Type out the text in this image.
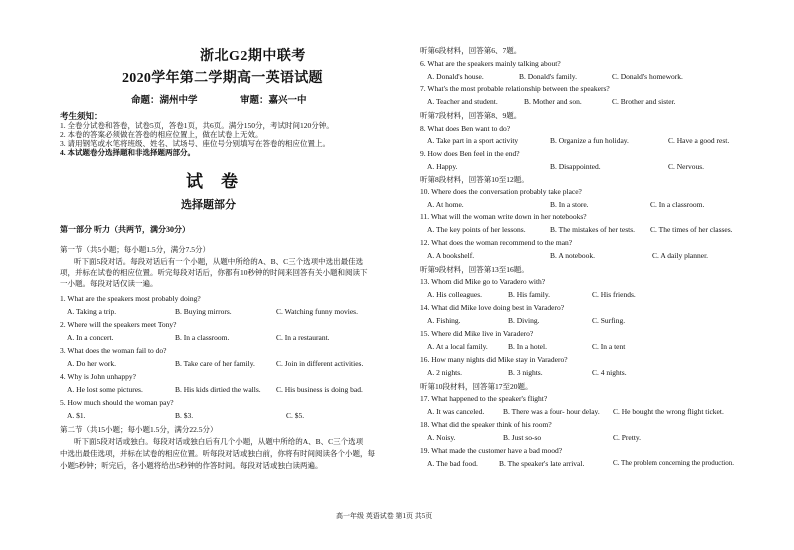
浙北G2期中联考
2020学年第二学期高一英语试题
命题：湖州中学	审题：嘉兴一中
考生须知：
1. 全卷分试卷和答卷，试卷5页，答卷1页，共6页。满分150分，考试时间120分钟。
2. 本卷的答案必须做在答卷的相应位置上，做在试卷上无效。
3. 请用钢笔或水笔将班级、姓名、试场号、座位号分别填写在答卷的相应位置上。
4. 本试题卷分选择题和非选择题两部分。
试卷
选择题部分
第一部分 听力（共两节，满分30分）
第一节（共5小题；每小题1.5分，满分7.5分）
听下面5段对话。每段对话后有一个小题，从题中所给的A、B、C三个选项中选出最佳选
项，并标在试卷的相应位置。听完每段对话后，你都有10秒钟的时间来回答有关小题和阅读下
一小题。每段对话仅读一遍。
1. What are the speakers most probably doing?
A. Taking a trip.	B. Buying mirrors.	C. Watching funny movies.
2. Where will the speakers meet Tony?
A. In a concert.	B. In a classroom.	C. In a restaurant.
3. What does the woman fail to do?
A. Do her work.	B. Take care of her family.	C. Join in different activities.
4. Why is John unhappy?
A. He lost some pictures.	B. His kids dirtied the walls. C. His business is doing bad.
5. How much should the woman pay?
A. $1.	B. $3.	C. $5.
第二节（共15小题；每小题1.5分，满分22.5分）
听下面5段对话或独白。每段对话或独白后有几个小题，从题中所给的A、B、C三个选项
中选出最佳选项，并标在试卷的相应位置。听每段对话或独白前，你将有时间阅读各个小题，每
小题5秒钟；听完后，各小题将给出5秒钟的作答时间。每段对话或独白读两遍。
听第6段材料，回答第6、7题。
6. What are the speakers mainly talking about?
A. Donald's house.	B. Donald's family.	C. Donald's homework.
7. What's the most probable relationship between the speakers?
A. Teacher and student.	B. Mother and son.	C. Brother and sister.
听第7段材料，回答第8、9题。
8. What does Ben want to do?
A. Take part in a sport activity	B. Organize a fun holiday.	C. Have a good rest.
9. How does Ben feel in the end?
A. Happy.	B. Disappointed.	C. Nervous.
听第8段材料，回答第10至12题。
10. Where does the conversation probably take place?
A. At home.	B. In a store.	C. In a classroom.
11. What will the woman write down in her notebooks?
A. The key points of her lessons.	B. The mistakes of her tests. C. The times of her classes.
12. What does the woman recommend to the man?
A. A bookshelf.	B. A notebook.	C. A daily planner.
听第9段材料，回答第13至16题。
13. Whom did Mike go to Varadero with?
A. His colleagues.	B. His family.	C. His friends.
14. What did Mike love doing best in Varadero?
A. Fishing.	B. Diving.	C. Surfing.
15. Where did Mike live in Varadero?
A. At a local family.	B. In a hotel.	C. In a tent
16. How many nights did Mike stay in Varadero?
A. 2 nights.	B. 3 nights.	C. 4 nights.
听第10段材料，回答第17至20题。
17. What happened to the speaker's flight?
A. It was canceled. B. There was a four- hour delay. C. He bought the wrong flight ticket.
18. What did the speaker think of his room?
A. Noisy.	B. Just so-so	C. Pretty.
19. What made the customer have a bad mood?
A. The bad food.	B. The speaker's late arrival.	C. The problem concerning the production.
高一年级 英语试卷 第1页 共5页
